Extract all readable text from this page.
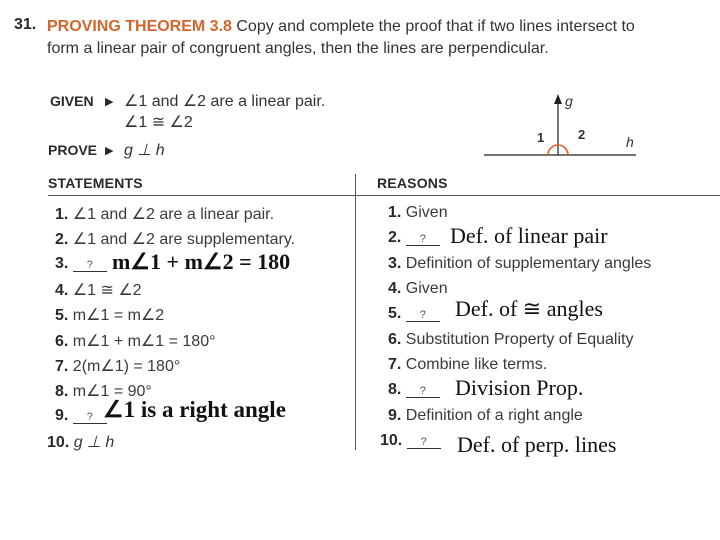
31. PROVING THEOREM 3.8 Copy and complete the proof that if two lines intersect to form a linear pair of congruent angles, then the lines are perpendicular.
GIVEN ▶ ∠1 and ∠2 are a linear pair.
∠1 ≅ ∠2
PROVE ▶ g ⊥ h
g
h
1	2
STATEMENTS	REASONS
1. ∠1 and ∠2 are a linear pair.
2. ∠1 and ∠2 are supplementary.
3. ?
4. ∠1 ≅ ∠2
5. m∠1 = m∠2
6. m∠1 + m∠1 = 180°
7. 2(m∠1) = 180°
8. m∠1 = 90°
9. ?
10. g ⊥ h
1. Given
2. ?
3. Definition of supplementary angles
4. Given
5. ?
6. Substitution Property of Equality
7. Combine like terms.
8. ?
9. Definition of a right angle
10. ?
m∠1 + m∠2 = 180
∠1 is a right angle
Def. of linear pair
Def. of ≅ angles
Division Prop.
Def. of perp. lines
